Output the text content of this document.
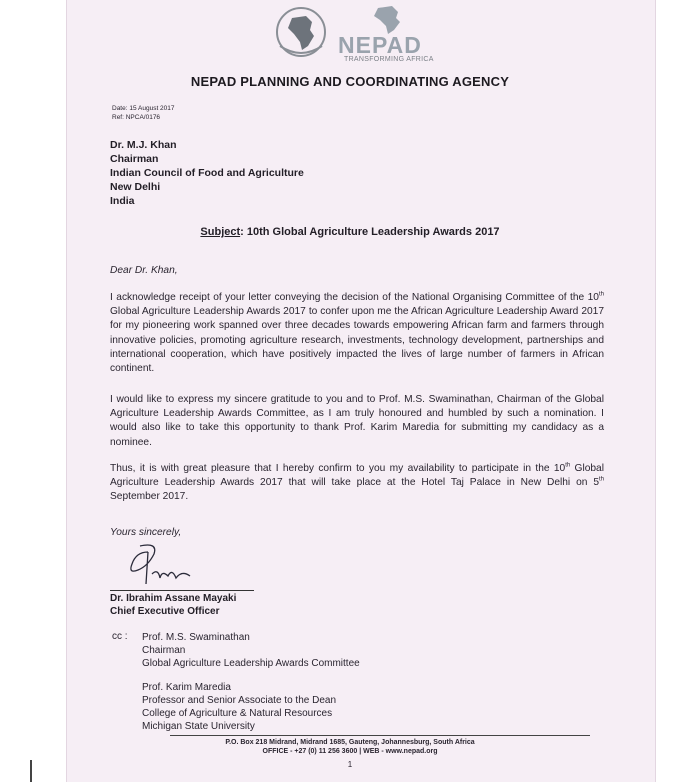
NEPAD
TRANSFORMING AFRICA
NEPAD PLANNING AND COORDINATING AGENCY
Date: 15 August 2017
Ref: NPCA/0176
Dr. M.J. Khan
Chairman
Indian Council of Food and Agriculture
New Delhi
India
Subject: 10th Global Agriculture Leadership Awards 2017
Dear Dr. Khan,
I acknowledge receipt of your letter conveying the decision of the National Organising Committee of the 10th Global Agriculture Leadership Awards 2017 to confer upon me the African Agriculture Leadership Award 2017 for my pioneering work spanned over three decades towards empowering African farm and farmers through innovative policies, promoting agriculture research, investments, technology development, partnerships and international cooperation, which have positively impacted the lives of large number of farmers in African continent.
I would like to express my sincere gratitude to you and to Prof. M.S. Swaminathan, Chairman of the Global Agriculture Leadership Awards Committee, as I am truly honoured and humbled by such a nomination. I would also like to take this opportunity to thank Prof. Karim Maredia for submitting my candidacy as a nominee.
Thus, it is with great pleasure that I hereby confirm to you my availability to participate in the 10th Global Agriculture Leadership Awards 2017 that will take place at the Hotel Taj Palace in New Delhi on 5th September 2017.
Yours sincerely,
Dr. Ibrahim Assane Mayaki
Chief Executive Officer
cc : Prof. M.S. Swaminathan
Chairman
Global Agriculture Leadership Awards Committee
Prof. Karim Maredia
Professor and Senior Associate to the Dean
College of Agriculture & Natural Resources
Michigan State University
P.O. Box 218 Midrand, Midrand 1685, Gauteng, Johannesburg, South Africa
OFFICE - +27 (0) 11 256 3600 | WEB - www.nepad.org
1
